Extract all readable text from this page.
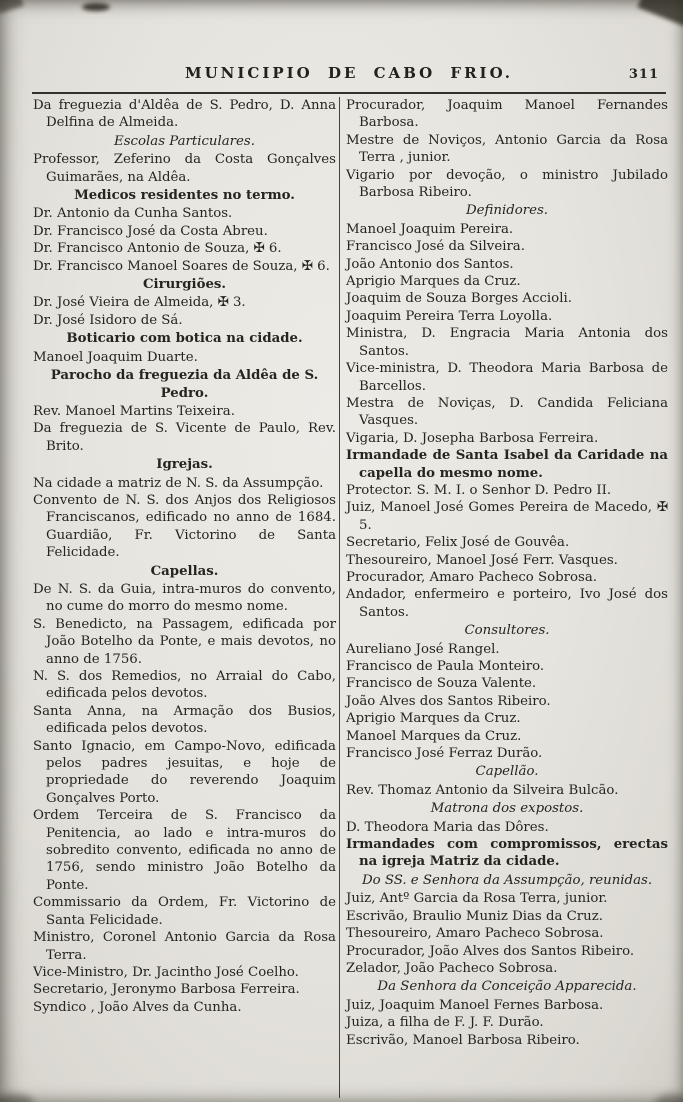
MUNICIPIO DE CABO FRIO.	311

Da freguezia d'Aldêa de S. Pedro, D. Anna Delfina de Almeida.

Escolas Particulares.

Professor, Zeferino da Costa Gonçalves Guimarães, na Aldêa.

Medicos residentes no termo.

Dr. Antonio da Cunha Santos.

Dr. Francisco José da Costa Abreu.

Dr. Francisco Antonio de Souza, ✠ 6.

Dr. Francisco Manoel Soares de Souza, ✠ 6.

Cirurgiões.

Dr. José Vieira de Almeida, ✠ 3.

Dr. José Isidoro de Sá.

Boticario com botica na cidade.

Manoel Joaquim Duarte.

Parocho da freguezia da Aldêa de S. Pedro.

Rev. Manoel Martins Teixeira.

Da freguezia de S. Vicente de Paulo, Rev. Brito.

Igrejas.

Na cidade a matriz de N. S. da Assumpção.

Convento de N. S. dos Anjos dos Religiosos Franciscanos, edificado no anno de 1684. Guardião, Fr. Victorino de Santa Felicidade.

Capellas.

De N. S. da Guia, intra-muros do convento, no cume do morro do mesmo nome.

S. Benedicto, na Passagem, edificada por João Botelho da Ponte, e mais devotos, no anno de 1756.

N. S. dos Remedios, no Arraial do Cabo, edificada pelos devotos.

Santa Anna, na Armação dos Busios, edificada pelos devotos.

Santo Ignacio, em Campo-Novo, edificada pelos padres jesuitas, e hoje de propriedade do reverendo Joaquim Gonçalves Porto.

Ordem Terceira de S. Francisco da Penitencia, ao lado e intra-muros do sobredito convento, edificada no anno de 1756, sendo ministro João Botelho da Ponte.

Commissario da Ordem, Fr. Victorino de Santa Felicidade.

Ministro, Coronel Antonio Garcia da Rosa Terra.

Vice-Ministro, Dr. Jacintho José Coelho.

Secretario, Jeronymo Barbosa Ferreira.

Syndico , João Alves da Cunha.

Procurador, Joaquim Manoel Fernandes Barbosa.

Mestre de Noviços, Antonio Garcia da Rosa Terra , junior.

Vigario por devoção, o ministro Jubilado Barbosa Ribeiro.

Definidores.

Manoel Joaquim Pereira.

Francisco José da Silveira.

João Antonio dos Santos.

Aprigio Marques da Cruz.

Joaquim de Souza Borges Accioli.

Joaquim Pereira Terra Loyolla.

Ministra, D. Engracia Maria Antonia dos Santos.

Vice-ministra, D. Theodora Maria Barbosa de Barcellos.

Mestra de Noviças, D. Candida Feliciana Vasques.

Vigaria, D. Josepha Barbosa Ferreira.

Irmandade de Santa Isabel da Caridade na capella do mesmo nome.

Protector. S. M. I. o Senhor D. Pedro II.

Juiz, Manoel José Gomes Pereira de Macedo, ✠ 5.

Secretario, Felix José de Gouvêa.

Thesoureiro, Manoel José Ferr. Vasques.

Procurador, Amaro Pacheco Sobrosa.

Andador, enfermeiro e porteiro, Ivo José dos Santos.

Consultores.

Aureliano José Rangel.

Francisco de Paula Monteiro.

Francisco de Souza Valente.

João Alves dos Santos Ribeiro.

Aprigio Marques da Cruz.

Manoel Marques da Cruz.

Francisco José Ferraz Durão.

Capellão.

Rev. Thomaz Antonio da Silveira Bulcão.

Matrona dos expostos.

D. Theodora Maria das Dôres.

Irmandades com compromissos, erectas na igreja Matriz da cidade.

Do SS. e Senhora da Assumpção, reunidas.

Juiz, Antº Garcia da Rosa Terra, junior.

Escrivão, Braulio Muniz Dias da Cruz.

Thesoureiro, Amaro Pacheco Sobrosa.

Procurador, João Alves dos Santos Ribeiro.

Zelador, João Pacheco Sobrosa.

Da Senhora da Conceição Apparecida.

Juiz, Joaquim Manoel Fernes Barbosa.

Juiza, a filha de F. J. F. Durão.

Escrivão, Manoel Barbosa Ribeiro.
